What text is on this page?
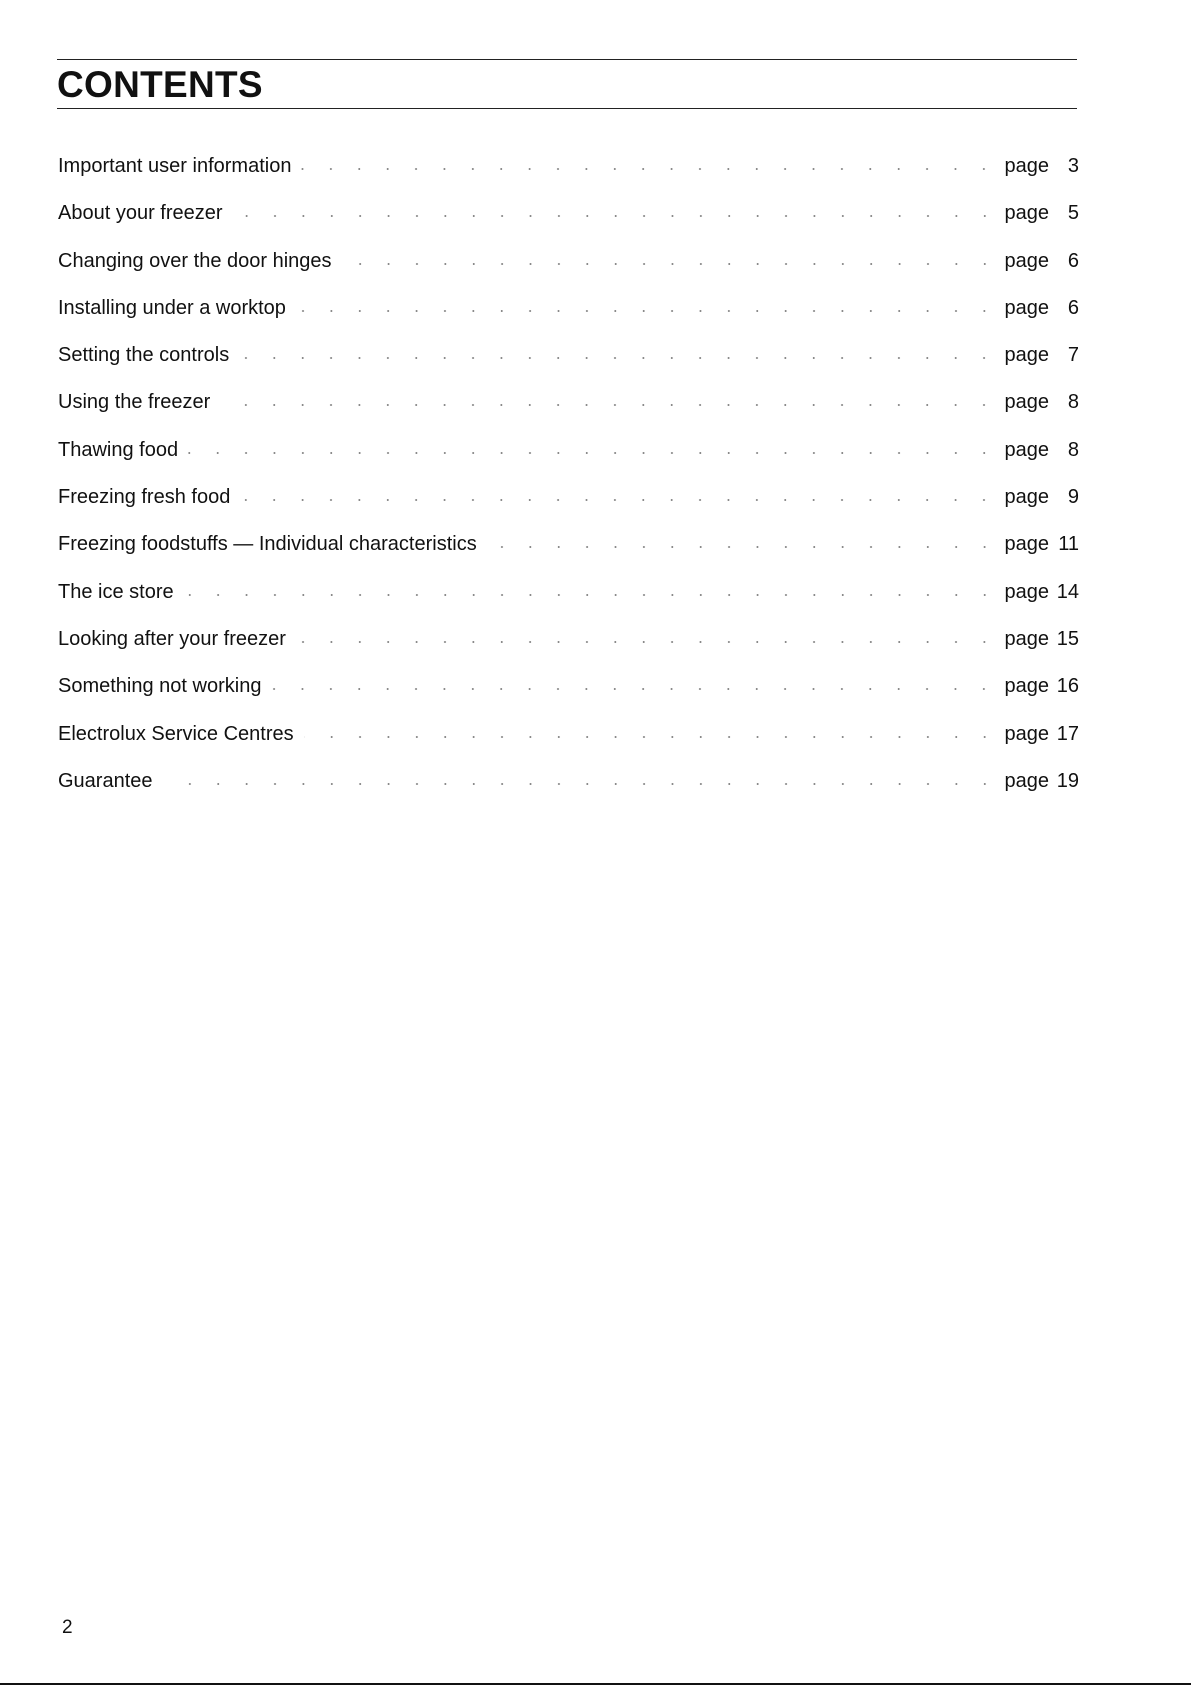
CONTENTS
Important user information	page 3
About your freezer	page 5
Changing over the door hinges	page 6
Installing under a worktop	page 6
Setting the controls	page 7
Using the freezer	page 8
Thawing food	page 8
Freezing fresh food	page 9
Freezing foodstuffs — Individual characteristics	page 11
The ice store	page 14
Looking after your freezer	page 15
Something not working	page 16
Electrolux Service Centres	page 17
Guarantee	page 19
2
